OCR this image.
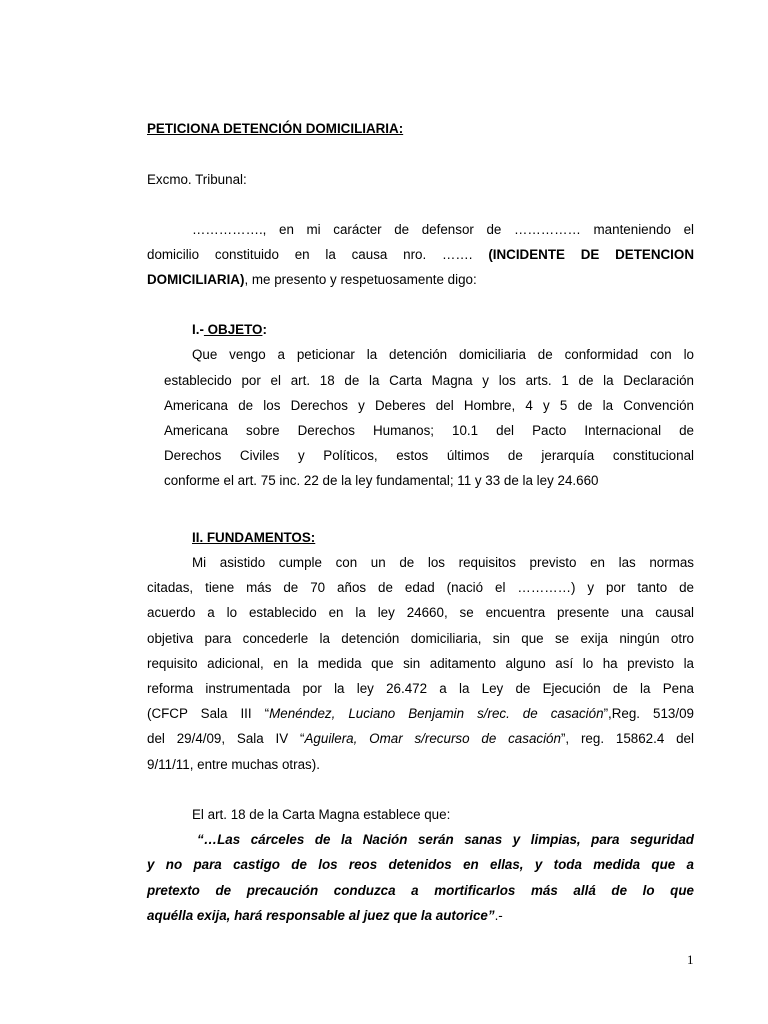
PETICIONA DETENCIÓN DOMICILIARIA:
Excmo. Tribunal:
……………., en mi carácter de defensor de …………… manteniendo el
domicilio constituido en la causa nro. ……. (INCIDENTE DE DETENCION
DOMICILIARIA), me presento y respetuosamente digo:
I.- OBJETO:
Que vengo a peticionar la detención domiciliaria de conformidad con lo
establecido por el art. 18 de la Carta Magna y los arts. 1 de la Declaración
Americana de los Derechos y Deberes del Hombre, 4 y 5 de la Convención
Americana sobre Derechos Humanos; 10.1 del Pacto Internacional de
Derechos Civiles y Políticos, estos últimos de jerarquía constitucional
conforme el art. 75 inc. 22 de la ley fundamental; 11 y 33 de la ley 24.660
II. FUNDAMENTOS:
Mi asistido cumple con un de los requisitos previsto en las normas
citadas, tiene más de 70 años de edad (nació el …………) y por tanto de
acuerdo a lo establecido en la ley 24660, se encuentra presente una causal
objetiva para concederle la detención domiciliaria, sin que se exija ningún otro
requisito adicional, en la medida que sin aditamento alguno así lo ha previsto la
reforma instrumentada por la ley 26.472 a la Ley de Ejecución de la Pena
(CFCP Sala III “Menéndez, Luciano Benjamin s/rec. de casación”,Reg. 513/09
del 29/4/09, Sala IV “Aguilera, Omar s/recurso de casación”, reg. 15862.4 del
9/11/11, entre muchas otras).
El art. 18 de la Carta Magna establece que:
“…Las cárceles de la Nación serán sanas y limpias, para seguridad
y no para castigo de los reos detenidos en ellas, y toda medida que a
pretexto de precaución conduzca a mortificarlos más allá de lo que
aquélla exija, hará responsable al juez que la autorice”.-
1
